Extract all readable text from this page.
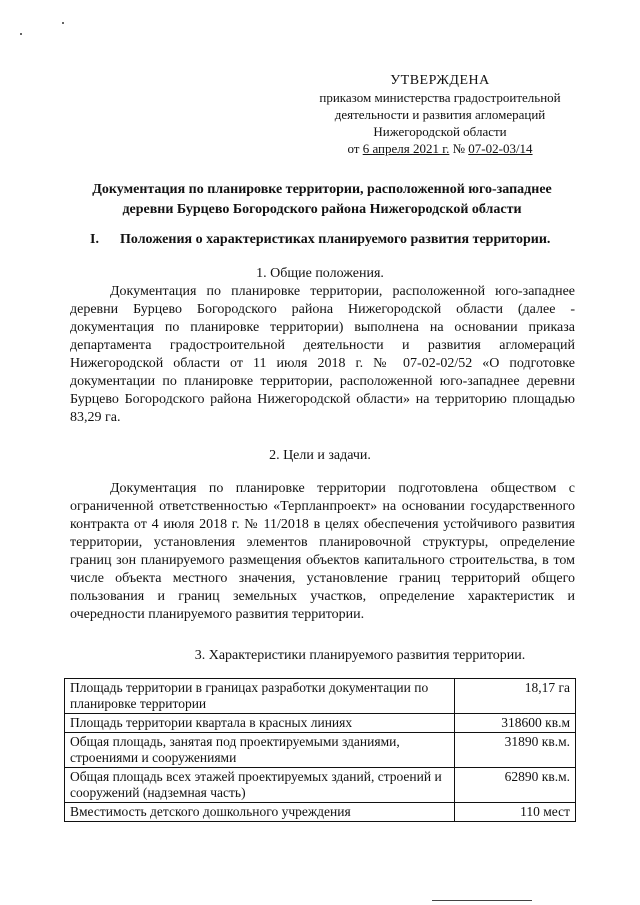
УТВЕРЖДЕНА
приказом министерства градостроительной
деятельности и развития агломераций
Нижегородской области
от 6 апреля 2021 г. № 07-02-03/14
Документация по планировке территории, расположенной юго-западнее
деревни Бурцево Богородского района Нижегородской области
I. Положения о характеристиках планируемого развития территории.
1. Общие положения.

Документация по планировке территории, расположенной юго-западнее деревни Бурцево Богородского района Нижегородской области (далее - документация по планировке территории) выполнена на основании приказа департамента градостроительной деятельности и развития агломераций Нижегородской области от 11 июля 2018 г. № 07-02-02/52 «О подготовке документации по планировке территории, расположенной юго-западнее деревни Бурцево Богородского района Нижегородской области» на территорию площадью 83,29 га.

2. Цели и задачи.

Документация по планировке территории подготовлена обществом с ограниченной ответственностью «Терпланпроект» на основании государственного контракта от 4 июля 2018 г. № 11/2018 в целях обеспечения устойчивого развития территории, установления элементов планировочной структуры, определение границ зон планируемого размещения объектов капитального строительства, в том числе объекта местного значения, установление границ территорий общего пользования и границ земельных участков, определение характеристик и очередности планируемого развития территории.

3. Характеристики планируемого развития территории.
Площадь территории в границах разработки документации по планировке территории	18,17 га
Площадь территории квартала в красных линиях	318600 кв.м
Общая площадь, занятая под проектируемыми зданиями, строениями и сооружениями	31890 кв.м.
Общая площадь всех этажей проектируемых зданий, строений и сооружений (надземная часть)	62890 кв.м.
Вместимость детского дошкольного учреждения	110 мест
